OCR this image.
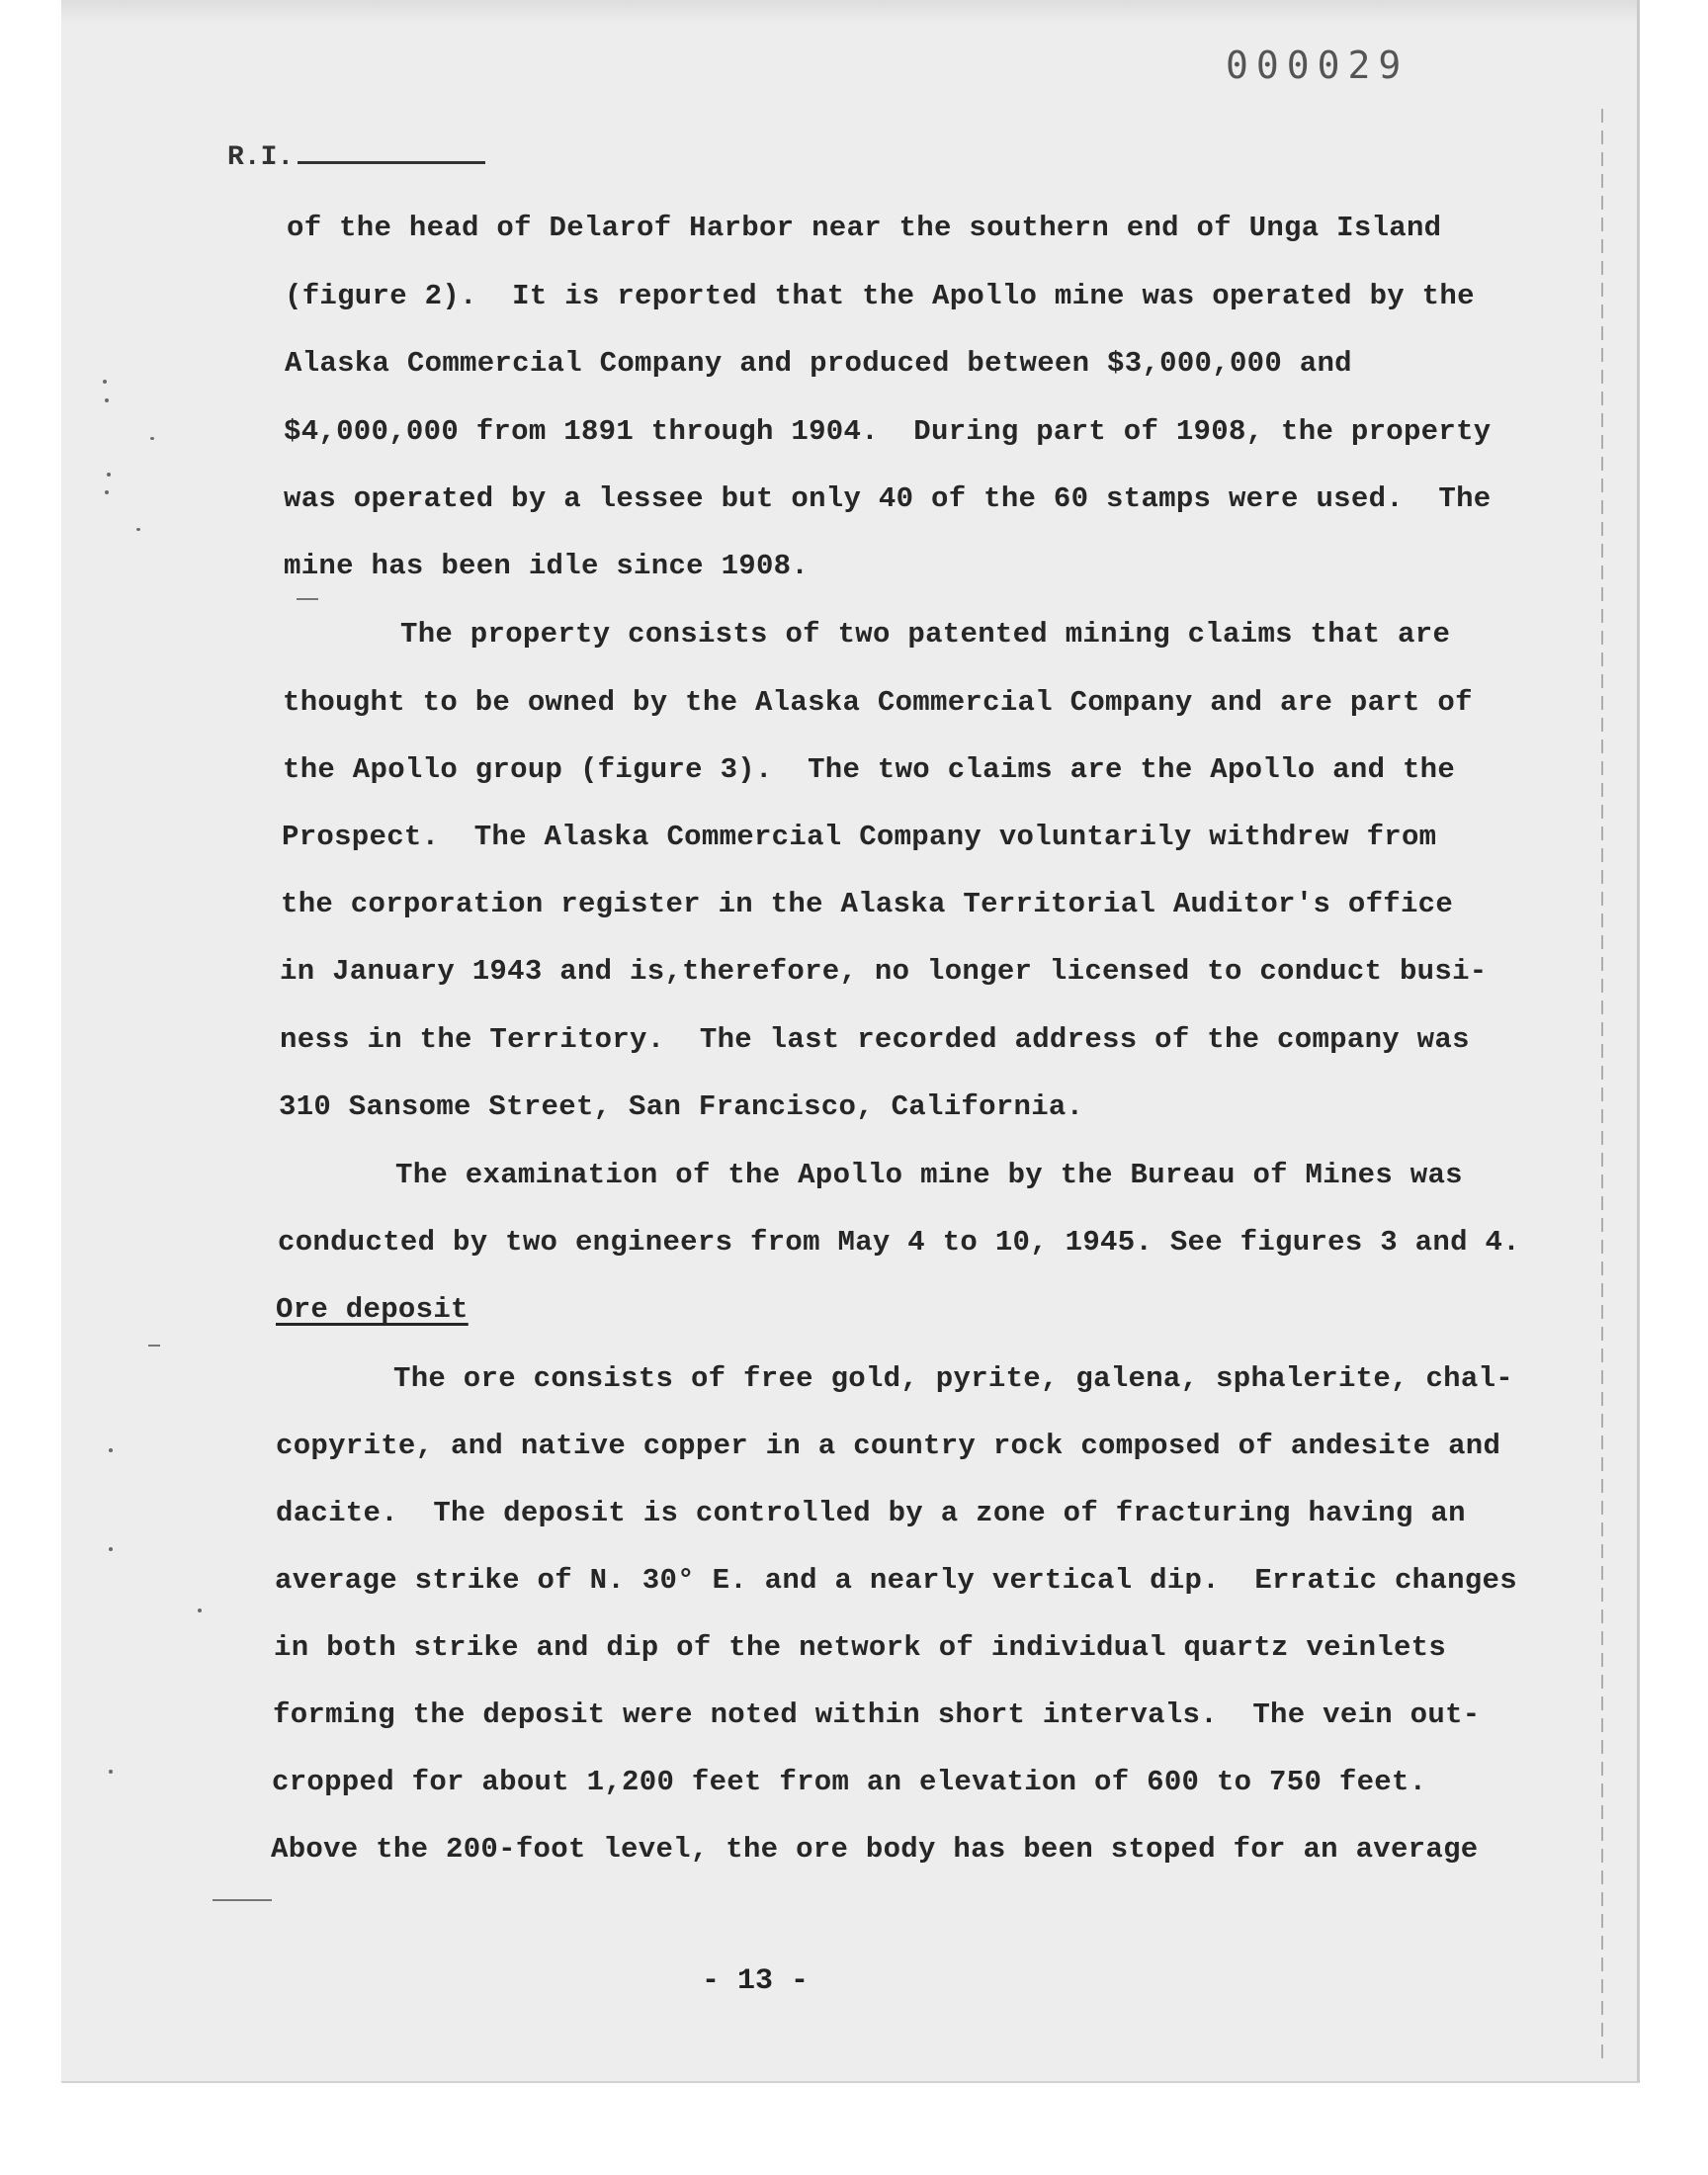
000029
R.I.
of the head of Delarof Harbor near the southern end of Unga Island
(figure 2).  It is reported that the Apollo mine was operated by the
Alaska Commercial Company and produced between $3,000,000 and
$4,000,000 from 1891 through 1904.  During part of 1908, the property
was operated by a lessee but only 40 of the 60 stamps were used.  The
mine has been idle since 1908.
The property consists of two patented mining claims that are
thought to be owned by the Alaska Commercial Company and are part of
the Apollo group (figure 3).  The two claims are the Apollo and the
Prospect.  The Alaska Commercial Company voluntarily withdrew from
the corporation register in the Alaska Territorial Auditor's office
in January 1943 and is,therefore, no longer licensed to conduct busi-
ness in the Territory.  The last recorded address of the company was
310 Sansome Street, San Francisco, California.
The examination of the Apollo mine by the Bureau of Mines was
conducted by two engineers from May 4 to 10, 1945. See figures 3 and 4.
Ore deposit
The ore consists of free gold, pyrite, galena, sphalerite, chal-
copyrite, and native copper in a country rock composed of andesite and
dacite.  The deposit is controlled by a zone of fracturing having an
average strike of N. 30° E. and a nearly vertical dip.  Erratic changes
in both strike and dip of the network of individual quartz veinlets
forming the deposit were noted within short intervals.  The vein out-
cropped for about 1,200 feet from an elevation of 600 to 750 feet.
Above the 200-foot level, the ore body has been stoped for an average
- 13 -
